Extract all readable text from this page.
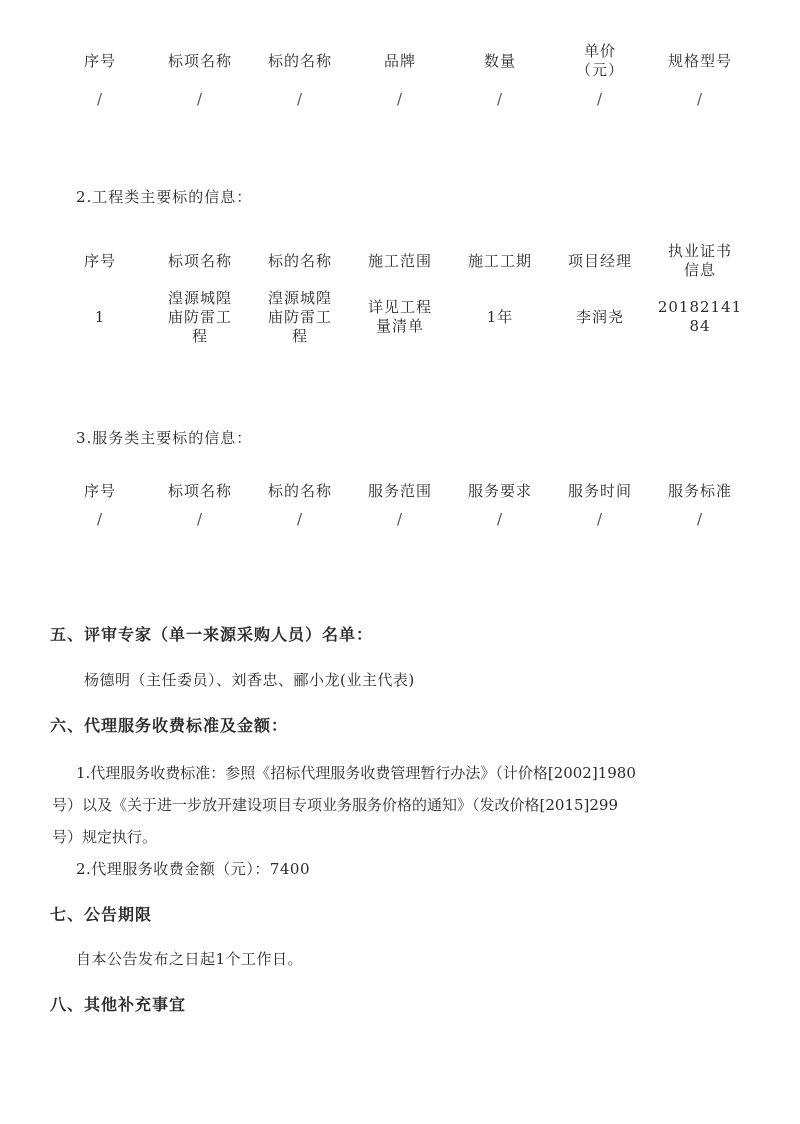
序号	标项名称	标的名称	品牌	数量	单价
（元）	规格型号
/	/	/	/	/	/	/
2.工程类主要标的信息：
序号	标项名称	标的名称	施工范围	施工工期	项目经理	执业证书
信息
1	湟源城隍
庙防雷工
程	湟源城隍
庙防雷工
程	详见工程
量清单	1年	李润尧	20182141
84
3.服务类主要标的信息：
序号	标项名称	标的名称	服务范围	服务要求	服务时间	服务标准
/	/	/	/	/	/	/
五、评审专家（单一来源采购人员）名单：
杨德明（主任委员）、刘香忠、郦小龙(业主代表)
六、代理服务收费标准及金额：
1.代理服务收费标准：参照《招标代理服务收费管理暂行办法》（计价格[2002]1980
号）以及《关于进一步放开建设项目专项业务服务价格的通知》（发改价格[2015]299
号）规定执行。
2.代理服务收费金额（元）：7400
七、公告期限
自本公告发布之日起1个工作日。
八、其他补充事宜
